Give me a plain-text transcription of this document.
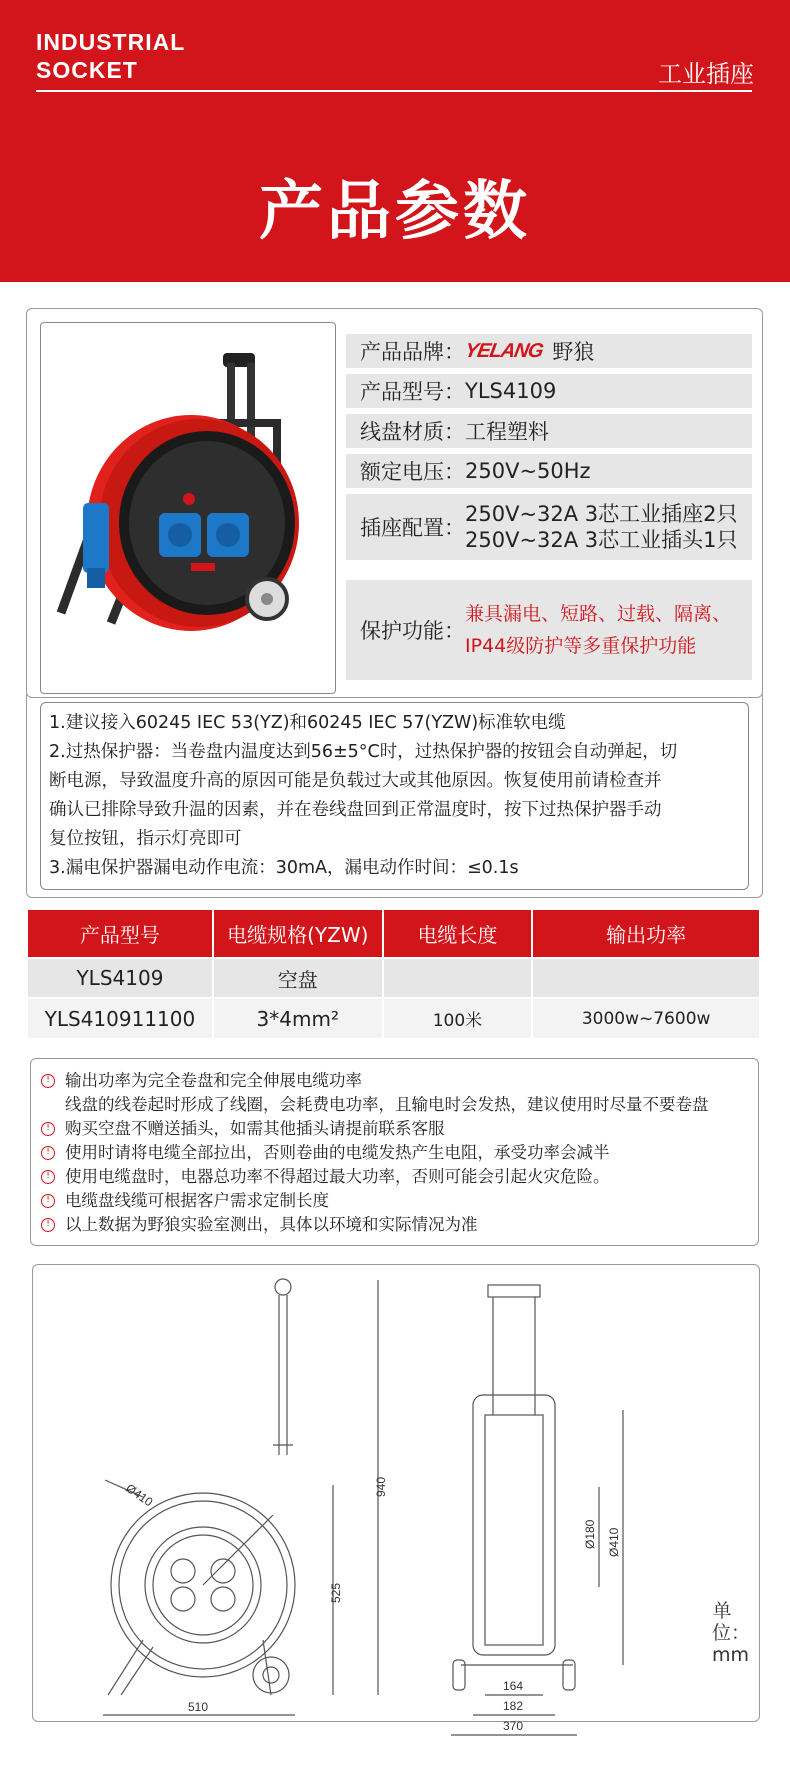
INDUSTRIAL
SOCKET	工业插座
产品参数
产品品牌：
YELANG 野狼
产品型号： YLS4109
线盘材质： 工程塑料
额定电压： 250V~50Hz
插座配置：
250V~32A 3芯工业插座2只
250V~32A 3芯工业插头1只
保护功能：
兼具漏电、短路、过载、隔离、
IP44级防护等多重保护功能

1.建议接入60245 IEC 53(YZ)和60245 IEC 57(YZW)标准软电缆

2.过热保护器：当卷盘内温度达到56±5°C时，过热保护器的按钮会自动弹起，切

断电源，导致温度升高的原因可能是负载过大或其他原因。恢复使用前请检查并

确认已排除导致升温的因素，并在卷线盘回到正常温度时，按下过热保护器手动

复位按钮，指示灯亮即可

3.漏电保护器漏电动作电流：30mA，漏电动作时间：≤0.1s

产品型号	电缆规格(YZW)	电缆长度	输出功率
YLS4109	空盘		
YLS410911100	3*4mm²	100米	3000w~7600w
! 输出功率为完全卷盘和完全伸展电缆功率
线盘的线卷起时形成了线圈，会耗费电功率，且输电时会发热，建议使用时尽量不要卷盘
! 购买空盘不赠送插头，如需其他插头请提前联系客服
! 使用时请将电缆全部拉出，否则卷曲的电缆发热产生电阻，承受功率会减半
! 使用电缆盘时，电器总功率不得超过最大功率，否则可能会引起火灾危险。
! 电缆盘线缆可根据客户需求定制长度
! 以上数据为野狼实验室测出，具体以环境和实际情况为准
Ø410	940
525
510
Ø180 Ø410
164
182
370
单位：mm
